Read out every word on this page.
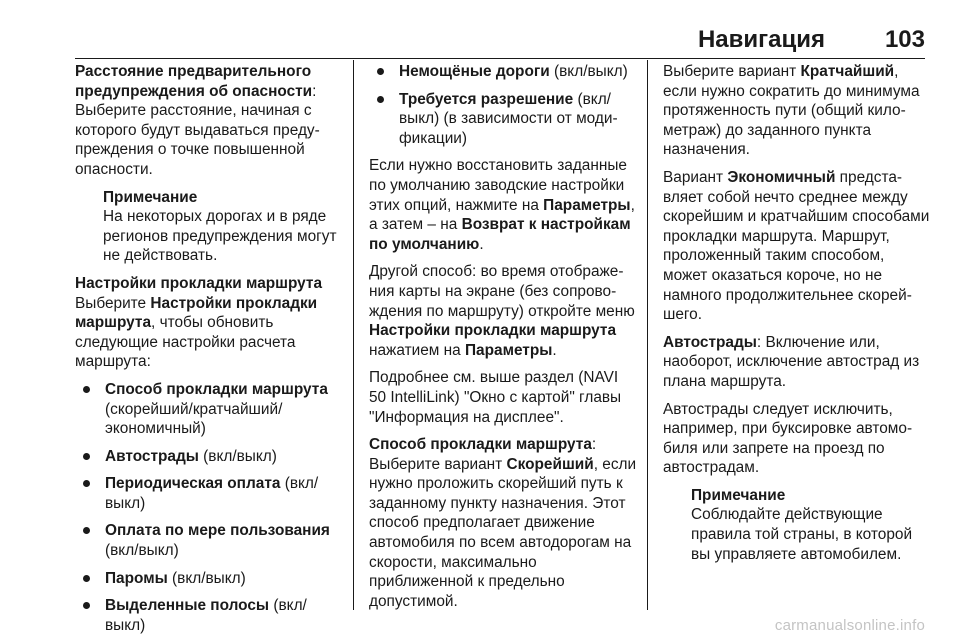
Навигация 103

Расстояние предварительного предупреждения об опасности: Выберите расстояние, начиная с которого будут выдаваться предупреждения о точке повышенной опасности.

Примечание
На некоторых дорогах и в ряде регионов предупреждения могут не действовать.

Настройки прокладки маршрута

Выберите Настройки прокладки маршрута, чтобы обновить следующие настройки расчета маршрута:

Способ прокладки маршрута (скорейший/кратчайший/ экономичный)
Автострады (вкл/выкл)
Периодическая оплата (вкл/ выкл)
Оплата по мере пользования (вкл/выкл)
Паромы (вкл/выкл)
Выделенные полосы (вкл/ выкл)
Немощёные дороги (вкл/выкл)
Требуется разрешение (вкл/ выкл) (в зависимости от модификации)

Если нужно восстановить заданные по умолчанию заводские настройки этих опций, нажмите на Параметры, а затем – на Возврат к настройкам по умолчанию.

Другой способ: во время отображения карты на экране (без сопровождения по маршруту) откройте меню Настройки прокладки маршрута нажатием на Параметры.

Подробнее см. выше раздел (NAVI 50 IntelliLink) "Окно с картой" главы "Информация на дисплее".

Способ прокладки маршрута: Выберите вариант Скорейший, если нужно проложить скорейший путь к заданному пункту назначения. Этот способ предполагает движение автомобиля по всем автодорогам на скорости, максимально приближенной к предельно допустимой.

Выберите вариант Кратчайший, если нужно сократить до минимума протяженность пути (общий километраж) до заданного пункта назначения.

Вариант Экономичный представляет собой нечто среднее между скорейшим и кратчайшим способами прокладки маршрута. Маршрут, проложенный таким способом, может оказаться короче, но не намного продолжительнее скорейшего.

Автострады: Включение или, наоборот, исключение автострад из плана маршрута.

Автострады следует исключить, например, при буксировке автомобиля или запрете на проезд по автострадам.

Примечание
Соблюдайте действующие правила той страны, в которой вы управляете автомобилем.
carmanualsonline.info
